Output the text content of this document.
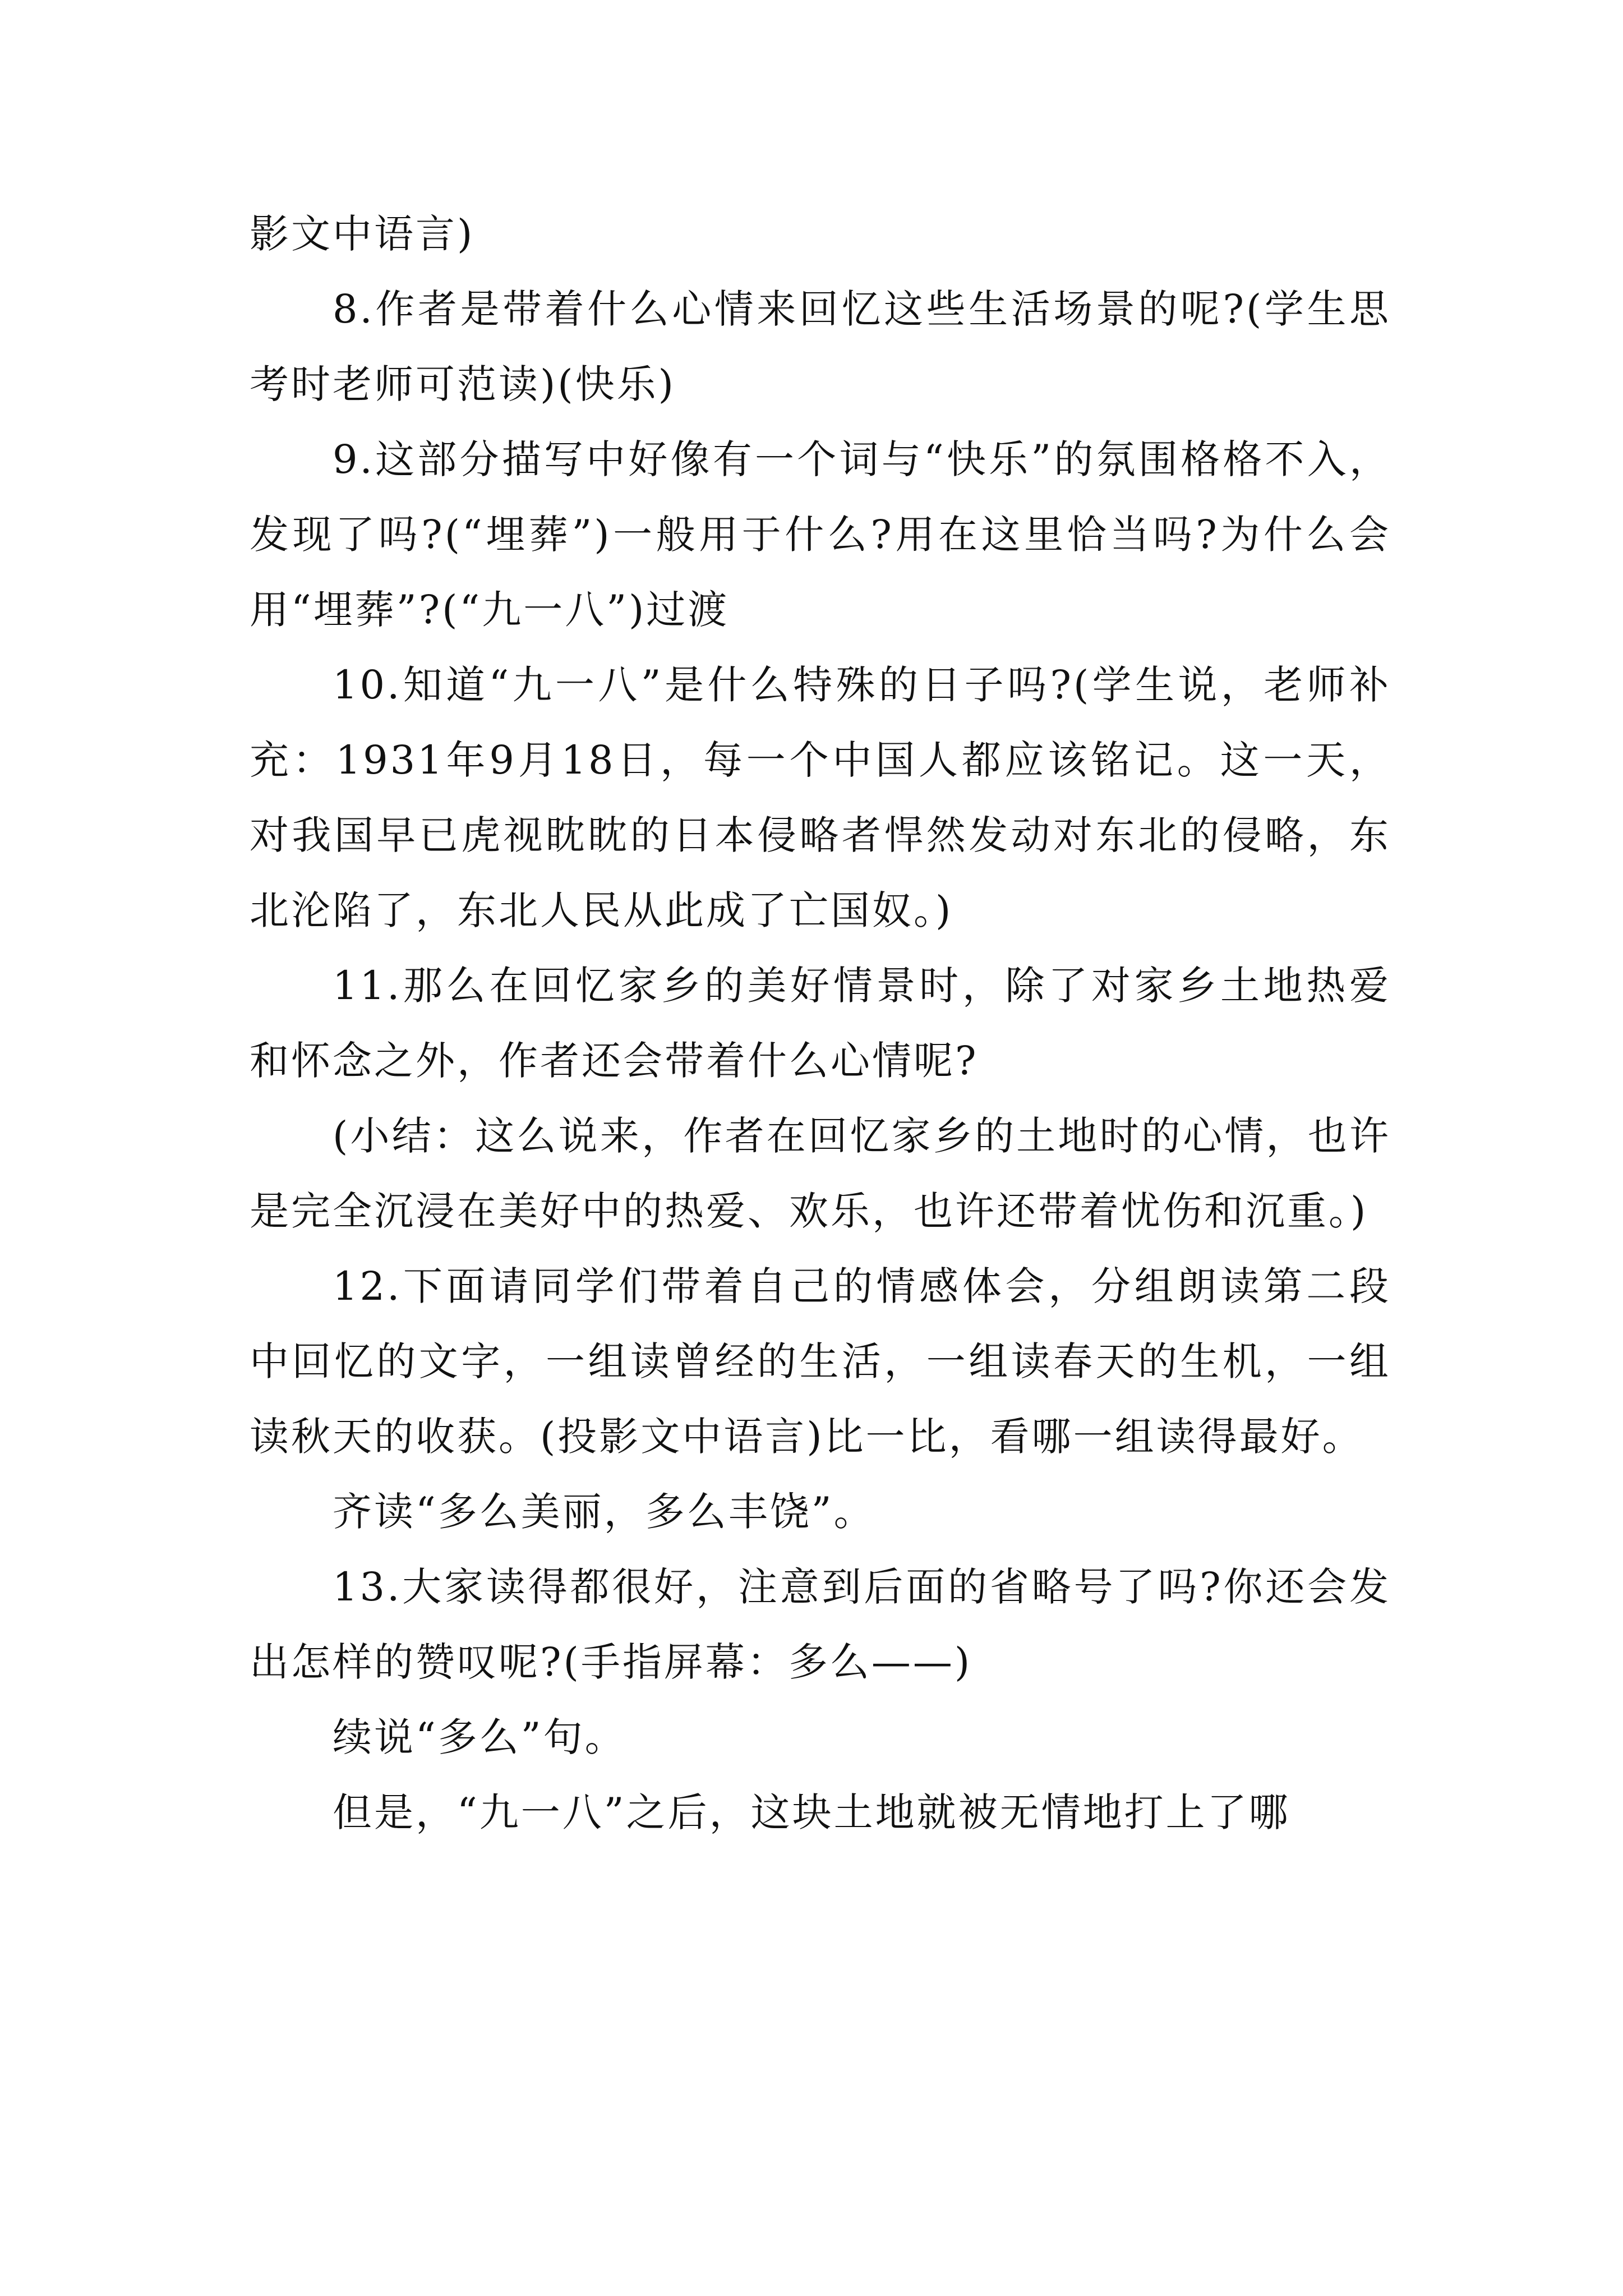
影文中语言)

8.作者是带着什么心情来回忆这些生活场景的呢?(学生思考时老师可范读)(快乐)

9.这部分描写中好像有一个词与“快乐”的氛围格格不入，发现了吗?(“埋葬”)一般用于什么?用在这里恰当吗?为什么会用“埋葬”?(“九一八”)过渡

10.知道“九一八”是什么特殊的日子吗?(学生说，老师补充：1931年9月18日，每一个中国人都应该铭记。这一天，对我国早已虎视眈眈的日本侵略者悍然发动对东北的侵略，东北沦陷了，东北人民从此成了亡国奴。)

11.那么在回忆家乡的美好情景时，除了对家乡土地热爱和怀念之外，作者还会带着什么心情呢?

(小结：这么说来，作者在回忆家乡的土地时的心情，也许是完全沉浸在美好中的热爱、欢乐，也许还带着忧伤和沉重。)

12.下面请同学们带着自己的情感体会，分组朗读第二段中回忆的文字，一组读曾经的生活，一组读春天的生机，一组读秋天的收获。(投影文中语言)比一比，看哪一组读得最好。

齐读“多么美丽，多么丰饶”。

13.大家读得都很好，注意到后面的省略号了吗?你还会发出怎样的赞叹呢?(手指屏幕：多么——)

续说“多么”句。

但是，“九一八”之后，这块土地就被无情地打上了哪
